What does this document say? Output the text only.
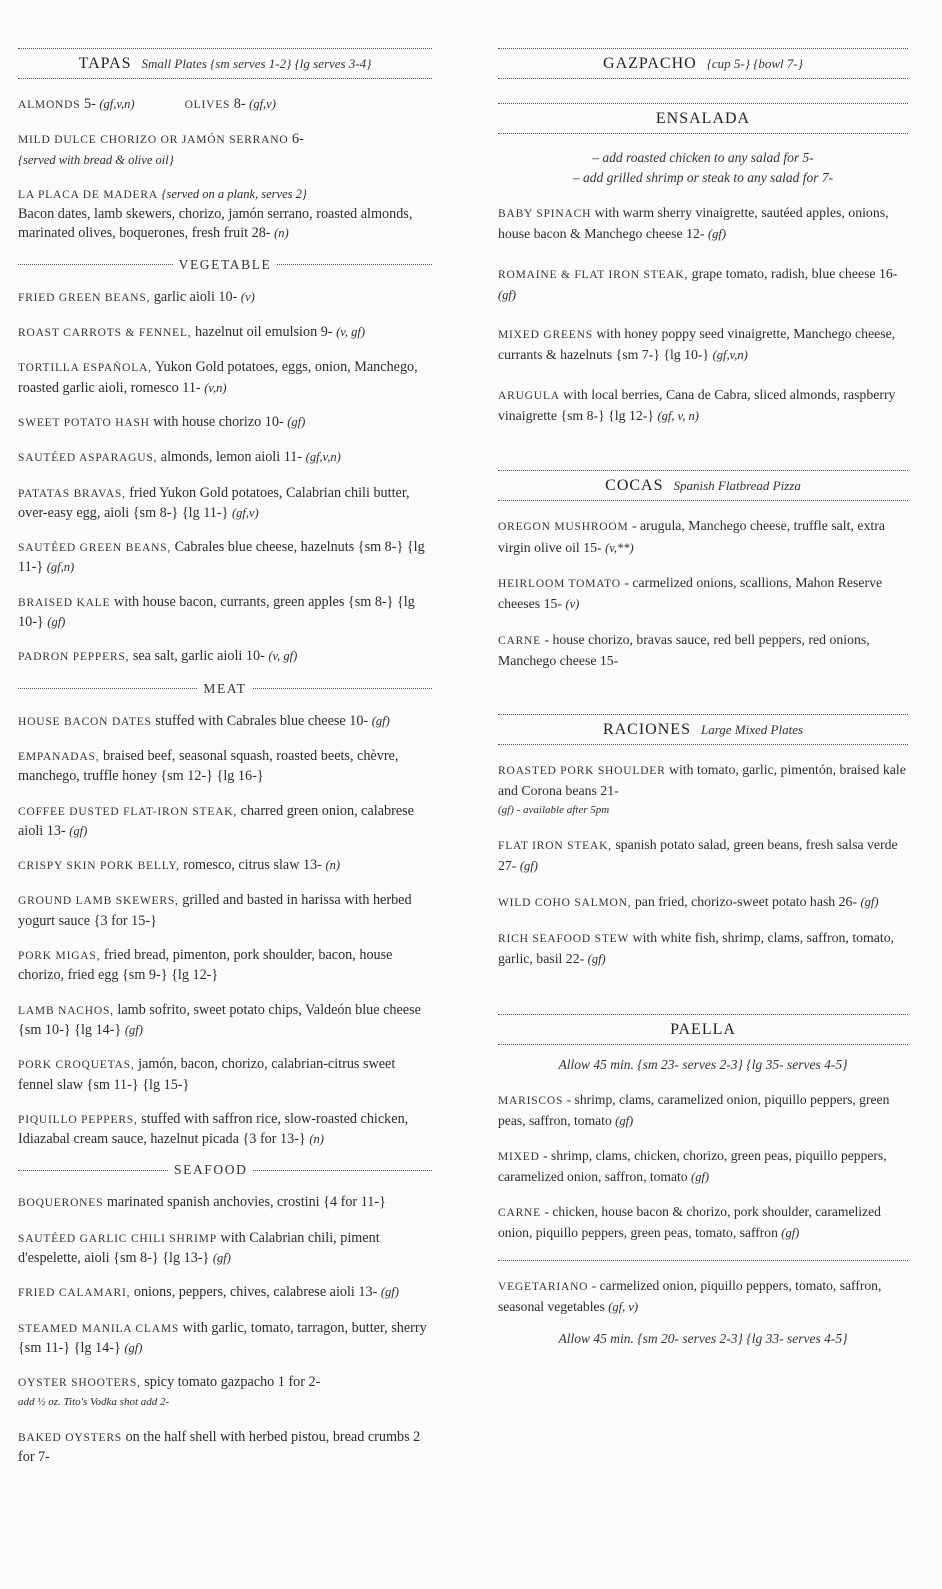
TAPAS Small Plates {sm serves 1-2} {lg serves 3-4}
ALMONDS 5- (gf,v,n)	OLIVES 8- (gf,v)
MILD DULCE CHORIZO OR JAMÓN SERRANO 6-
{served with bread & olive oil}
LA PLACA DE MADERA {served on a plank, serves 2}
Bacon dates, lamb skewers, chorizo, jamón serrano, roasted almonds, marinated olives, boquerones, fresh fruit 28- (n)
VEGETABLE
FRIED GREEN BEANS, garlic aioli 10- (v)
ROAST CARROTS & FENNEL, hazelnut oil emulsion 9- (v, gf)
TORTILLA ESPAÑOLA, Yukon Gold potatoes, eggs, onion, Manchego, roasted garlic aioli, romesco 11- (v,n)
SWEET POTATO HASH with house chorizo 10- (gf)
SAUTÉED ASPARAGUS, almonds, lemon aioli 11- (gf,v,n)
PATATAS BRAVAS, fried Yukon Gold potatoes, Calabrian chili butter, over-easy egg, aioli {sm 8-} {lg 11-} (gf,v)
SAUTÉED GREEN BEANS, Cabrales blue cheese, hazelnuts {sm 8-} {lg 11-} (gf,n)
BRAISED KALE with house bacon, currants, green apples {sm 8-} {lg 10-} (gf)
PADRON PEPPERS, sea salt, garlic aioli 10- (v, gf)
MEAT
HOUSE BACON DATES stuffed with Cabrales blue cheese 10- (gf)
EMPANADAS, braised beef, seasonal squash, roasted beets, chèvre, manchego, truffle honey {sm 12-} {lg 16-}
COFFEE DUSTED FLAT-IRON STEAK, charred green onion, calabrese aioli 13- (gf)
CRISPY SKIN PORK BELLY, romesco, citrus slaw 13- (n)
GROUND LAMB SKEWERS, grilled and basted in harissa with herbed yogurt sauce {3 for 15-}
PORK MIGAS, fried bread, pimenton, pork shoulder, bacon, house chorizo, fried egg {sm 9-} {lg 12-}
LAMB NACHOS, lamb sofrito, sweet potato chips, Valdeón blue cheese {sm 10-} {lg 14-} (gf)
PORK CROQUETAS, jamón, bacon, chorizo, calabrian-citrus sweet fennel slaw {sm 11-} {lg 15-}
PIQUILLO PEPPERS, stuffed with saffron rice, slow-roasted chicken, Idiazabal cream sauce, hazelnut picada {3 for 13-} (n)
SEAFOOD
BOQUERONES marinated spanish anchovies, crostini {4 for 11-}
SAUTÉED GARLIC CHILI SHRIMP with Calabrian chili, piment d'espelette, aioli {sm 8-} {lg 13-} (gf)
FRIED CALAMARI, onions, peppers, chives, calabrese aioli 13- (gf)
STEAMED MANILA CLAMS with garlic, tomato, tarragon, butter, sherry {sm 11-} {lg 14-} (gf)
OYSTER SHOOTERS, spicy tomato gazpacho 1 for 2-
add ½ oz. Tito's Vodka shot add 2-
BAKED OYSTERS on the half shell with herbed pistou, bread crumbs 2 for 7-
GAZPACHO {cup 5-} {bowl 7-}
ENSALADA
– add roasted chicken to any salad for 5-
– add grilled shrimp or steak to any salad for 7-
BABY SPINACH with warm sherry vinaigrette, sautéed apples, onions, house bacon & Manchego cheese 12- (gf)
ROMAINE & FLAT IRON STEAK, grape tomato, radish, blue cheese 16- (gf)
MIXED GREENS with honey poppy seed vinaigrette, Manchego cheese, currants & hazelnuts {sm 7-} {lg 10-} (gf,v,n)
ARUGULA with local berries, Cana de Cabra, sliced almonds, raspberry vinaigrette {sm 8-} {lg 12-} (gf, v, n)
COCAS Spanish Flatbread Pizza
OREGON MUSHROOM - arugula, Manchego cheese, truffle salt, extra virgin olive oil 15- (v,**)
HEIRLOOM TOMATO - carmelized onions, scallions, Mahon Reserve cheeses 15- (v)
CARNE - house chorizo, bravas sauce, red bell peppers, red onions, Manchego cheese 15-
RACIONES Large Mixed Plates
ROASTED PORK SHOULDER with tomato, garlic, pimentón, braised kale and Corona beans 21-
(gf) - available after 5pm
FLAT IRON STEAK, spanish potato salad, green beans, fresh salsa verde 27- (gf)
WILD COHO SALMON, pan fried, chorizo-sweet potato hash 26- (gf)
RICH SEAFOOD STEW with white fish, shrimp, clams, saffron, tomato, garlic, basil 22- (gf)
PAELLA
Allow 45 min. {sm 23- serves 2-3} {lg 35- serves 4-5}
MARISCOS - shrimp, clams, caramelized onion, piquillo peppers, green peas, saffron, tomato (gf)
MIXED - shrimp, clams, chicken, chorizo, green peas, piquillo peppers, caramelized onion, saffron, tomato (gf)
CARNE - chicken, house bacon & chorizo, pork shoulder, caramelized onion, piquillo peppers, green peas, tomato, saffron (gf)
VEGETARIANO - carmelized onion, piquillo peppers, tomato, saffron, seasonal vegetables (gf, v)
Allow 45 min. {sm 20- serves 2-3} {lg 33- serves 4-5}
